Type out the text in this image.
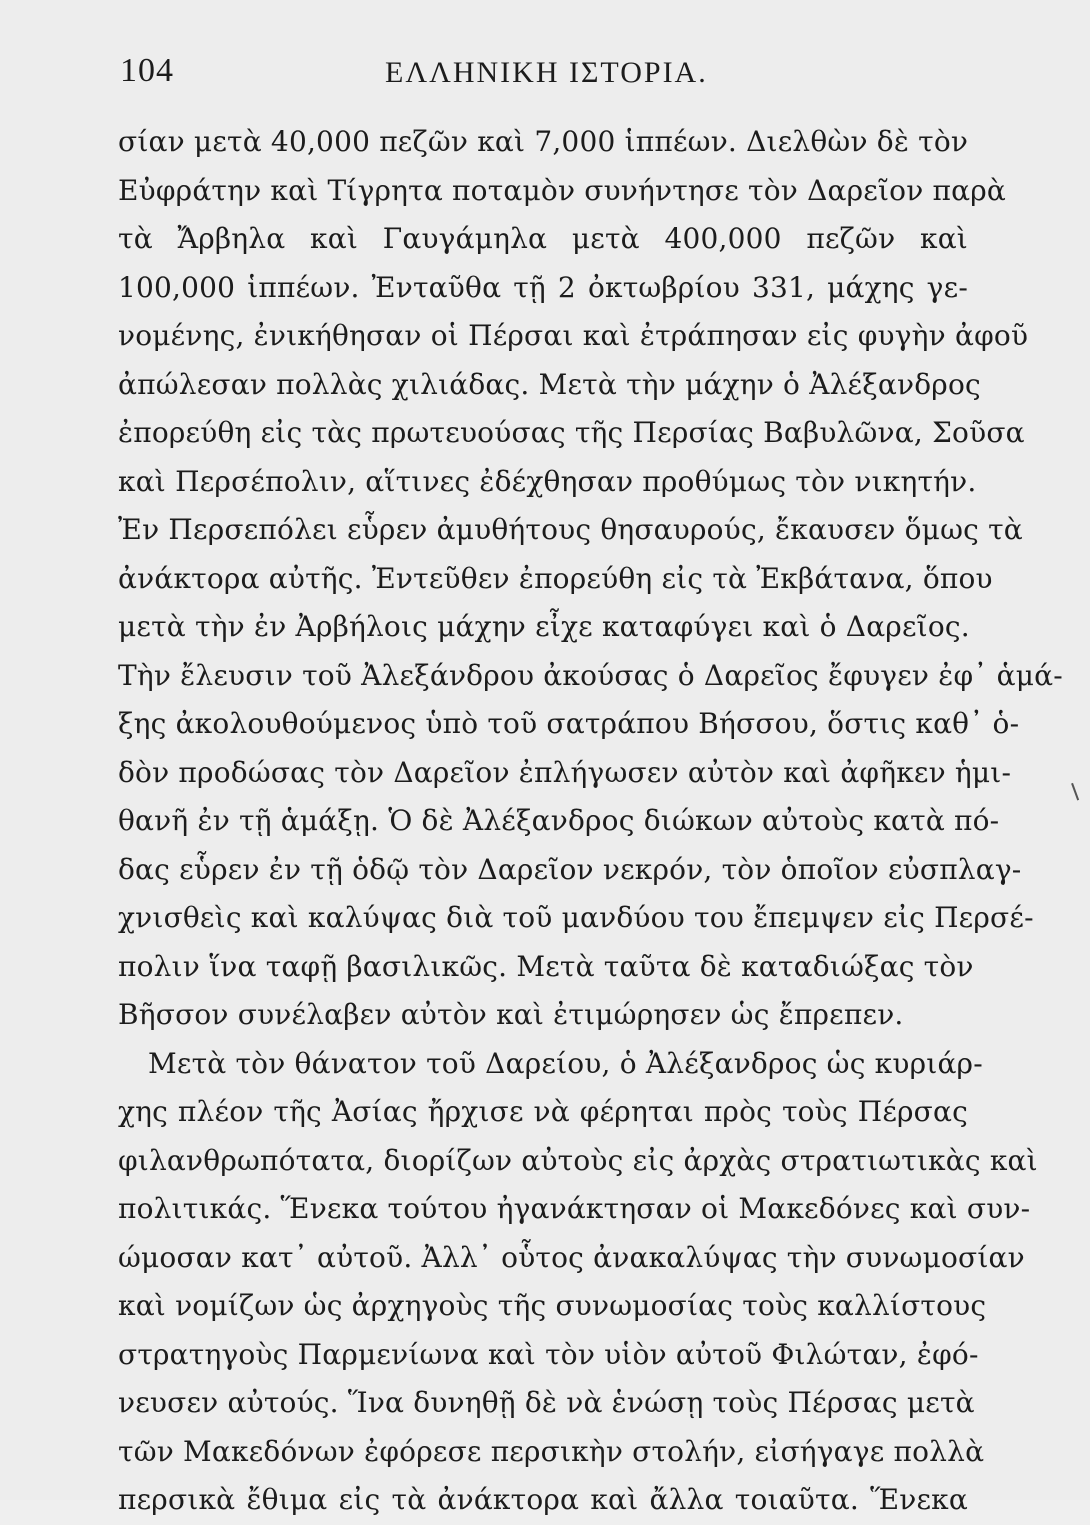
104	ΕΛΛΗΝΙΚΗ ΙΣΤΟΡΙΑ.
σίαν μετὰ 40,000 πεζῶν καὶ 7,000 ἱππέων. Διελθὼν δὲ τὸν
Εὐφράτην καὶ Τίγρητα ποταμὸν συνήντησε τὸν Δαρεῖον παρὰ
τὰ Ἄρβηλα καὶ Γαυγάμηλα μετὰ 400,000 πεζῶν καὶ
100,000 ἱππέων. Ἐνταῦθα τῇ 2 ὀκτωβρίου 331, μάχης γε-
νομένης, ἐνικήθησαν οἱ Πέρσαι καὶ ἐτράπησαν εἰς φυγὴν ἀφοῦ
ἀπώλεσαν πολλὰς χιλιάδας. Μετὰ τὴν μάχην ὁ Ἀλέξανδρος
ἐπορεύθη εἰς τὰς πρωτευούσας τῆς Περσίας Βαβυλῶνα, Σοῦσα
καὶ Περσέπολιν, αἵτινες ἐδέχθησαν προθύμως τὸν νικητήν.
Ἐν Περσεπόλει εὗρεν ἀμυθήτους θησαυρούς, ἔκαυσεν ὅμως τὰ
ἀνάκτορα αὐτῆς. Ἐντεῦθεν ἐπορεύθη εἰς τὰ Ἐκβάτανα, ὅπου
μετὰ τὴν ἐν Ἀρβήλοις μάχην εἶχε καταφύγει καὶ ὁ Δαρεῖος.
Τὴν ἔλευσιν τοῦ Ἀλεξάνδρου ἀκούσας ὁ Δαρεῖος ἔφυγεν ἐφ᾽ ἁμά-
ξης ἀκολουθούμενος ὑπὸ τοῦ σατράπου Βήσσου, ὅστις καθ᾽ ὁ-
δὸν προδώσας τὸν Δαρεῖον ἐπλήγωσεν αὐτὸν καὶ ἀφῆκεν ἡμι-
θανῆ ἐν τῇ ἁμάξῃ. Ὁ δὲ Ἀλέξανδρος διώκων αὐτοὺς κατὰ πό-
δας εὗρεν ἐν τῇ ὁδῷ τὸν Δαρεῖον νεκρόν, τὸν ὁποῖον εὐσπλαγ-
χνισθεὶς καὶ καλύψας διὰ τοῦ μανδύου του ἔπεμψεν εἰς Περσέ-
πολιν ἵνα ταφῇ βασιλικῶς. Μετὰ ταῦτα δὲ καταδιώξας τὸν
Βῆσσον συνέλαβεν αὐτὸν καὶ ἐτιμώρησεν ὡς ἔπρεπεν.
Μετὰ τὸν θάνατον τοῦ Δαρείου, ὁ Ἀλέξανδρος ὡς κυριάρ-
χης πλέον τῆς Ἀσίας ἤρχισε νὰ φέρηται πρὸς τοὺς Πέρσας
φιλανθρωπότατα, διορίζων αὐτοὺς εἰς ἀρχὰς στρατιωτικὰς καὶ
πολιτικάς. Ἕνεκα τούτου ἠγανάκτησαν οἱ Μακεδόνες καὶ συν-
ώμοσαν κατ᾽ αὐτοῦ. Ἀλλ᾽ οὗτος ἀνακαλύψας τὴν συνωμοσίαν
καὶ νομίζων ὡς ἀρχηγοὺς τῆς συνωμοσίας τοὺς καλλίστους
στρατηγοὺς Παρμενίωνα καὶ τὸν υἱὸν αὐτοῦ Φιλώταν, ἐφό-
νευσεν αὐτούς. Ἵνα δυνηθῇ δὲ νὰ ἑνώσῃ τοὺς Πέρσας μετὰ
τῶν Μακεδόνων ἐφόρεσε περσικὴν στολήν, εἰσήγαγε πολλὰ
περσικὰ ἔθιμα εἰς τὰ ἀνάκτορα καὶ ἄλλα τοιαῦτα. Ἕνεκα
